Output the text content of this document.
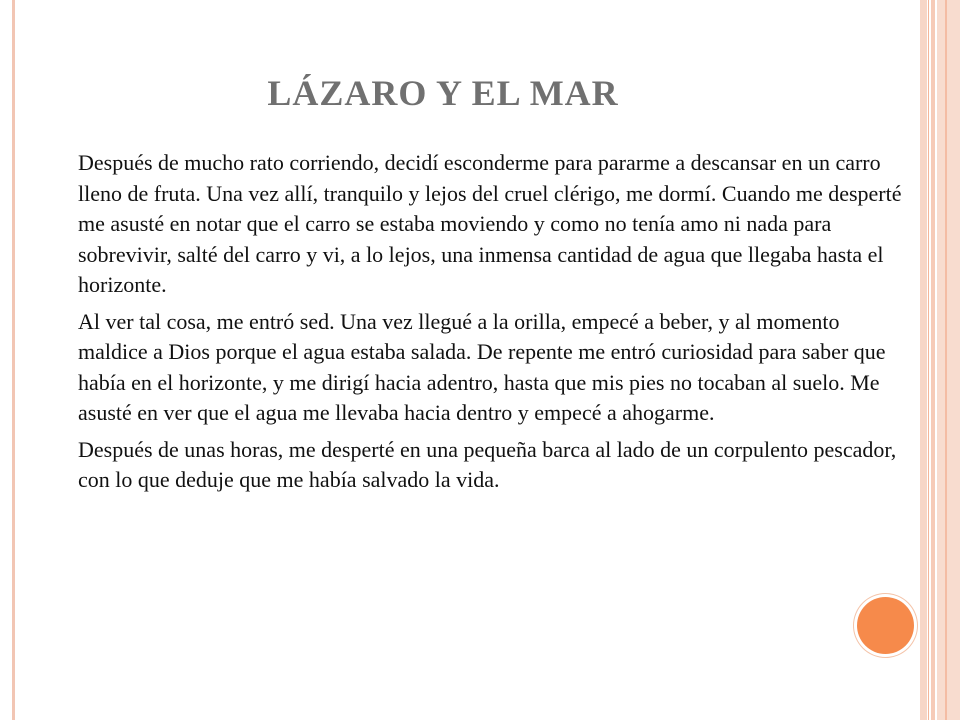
LÁZARO Y EL MAR

Después de mucho rato corriendo, decidí esconderme para pararme a descansar en un carro lleno de fruta. Una vez allí, tranquilo y lejos del cruel clérigo, me dormí. Cuando me desperté me asusté en notar que el carro se estaba moviendo y como no tenía amo ni nada para sobrevivir, salté del carro y vi, a lo lejos, una inmensa cantidad de agua que llegaba hasta el horizonte.

Al ver tal cosa, me entró sed. Una vez llegué a la orilla, empecé a beber, y al momento maldice a Dios porque el agua estaba salada. De repente me entró curiosidad para saber que había en el horizonte, y me dirigí hacia adentro, hasta que mis pies no tocaban al suelo. Me asusté en ver que el agua me llevaba hacia dentro y empecé a ahogarme.

Después de unas horas, me desperté en una pequeña barca al lado de un corpulento pescador, con lo que deduje que me había salvado la vida.
